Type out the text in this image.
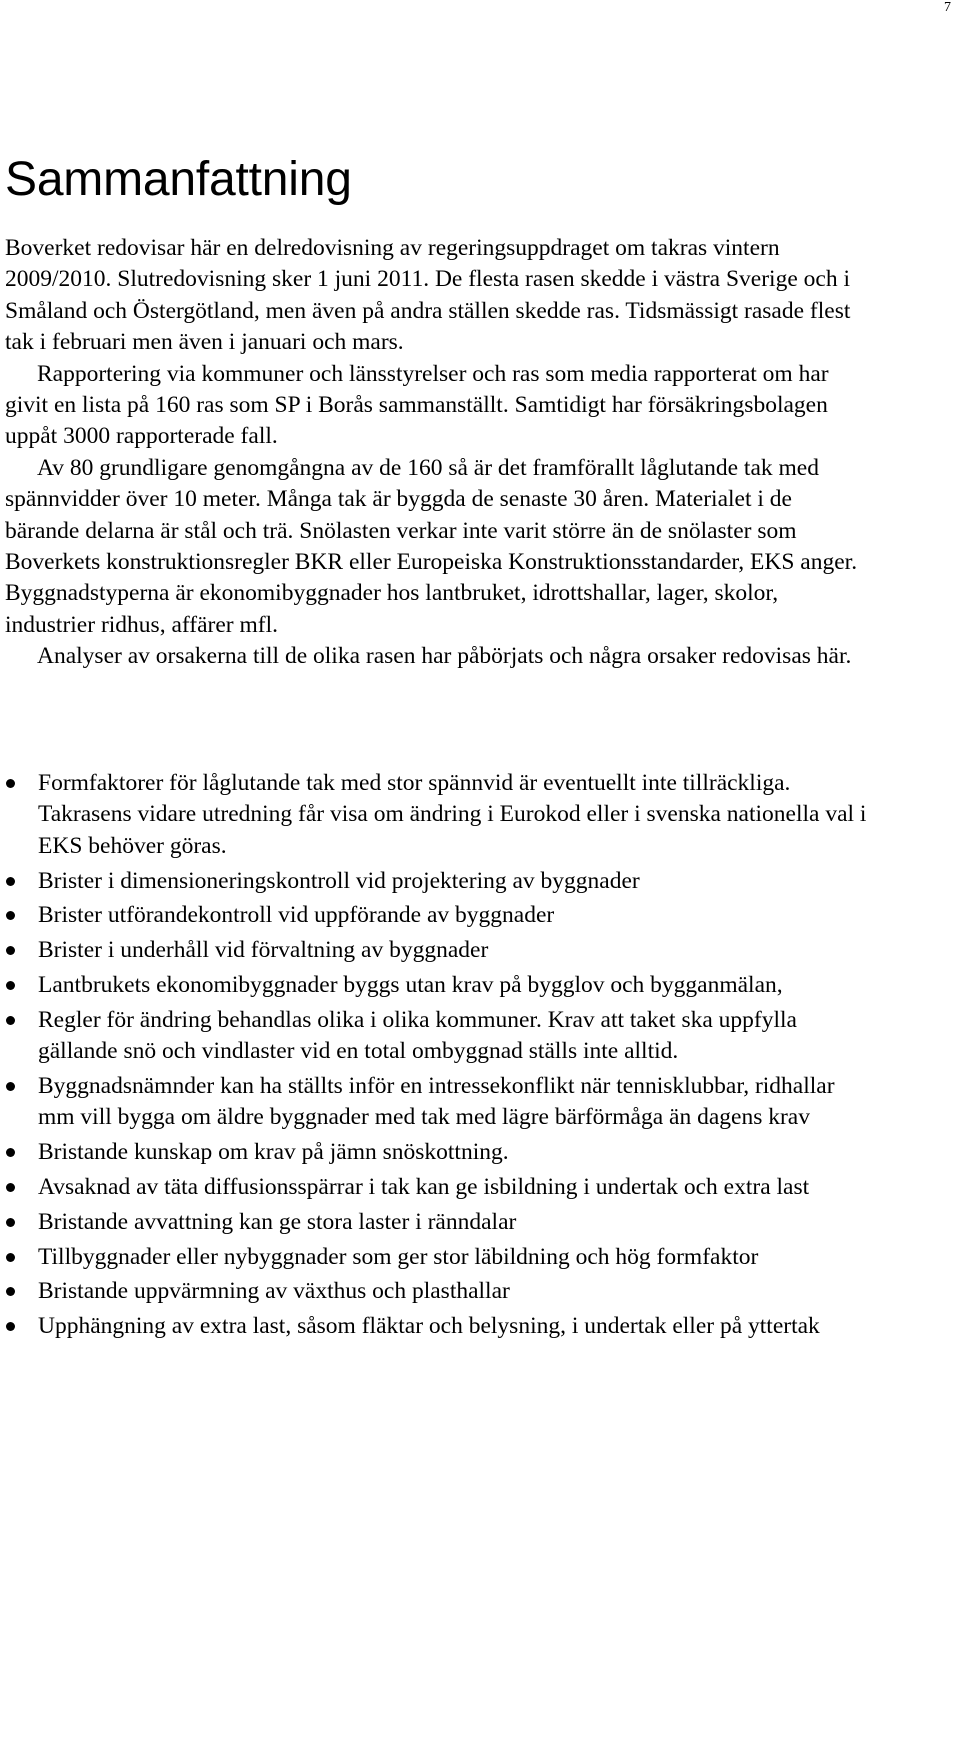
7
Sammanfattning

Boverket redovisar här en delredovisning av regeringsuppdraget om takras vintern 2009/2010. Slutredovisning sker 1 juni 2011. De flesta rasen skedde i västra Sverige och i Småland och Östergötland, men även på andra ställen skedde ras. Tidsmässigt rasade flest tak i februari men även i januari och mars.

Rapportering via kommuner och länsstyrelser och ras som media rapporterat om har givit en lista på 160 ras som SP i Borås sammanställt. Samtidigt har försäkringsbolagen uppåt 3000 rapporterade fall.

Av 80 grundligare genomgångna av de 160 så är det framförallt låglutande tak med spännvidder över 10 meter. Många tak är byggda de senaste 30 åren. Materialet i de bärande delarna är stål och trä. Snölasten verkar inte varit större än de snölaster som Boverkets konstruktionsregler BKR eller Europeiska Konstruktionsstandarder, EKS anger. Byggnadstyperna är ekonomibyggnader hos lantbruket, idrottshallar, lager, skolor, industrier ridhus, affärer mfl.

Analyser av orsakerna till de olika rasen har påbörjats och några orsaker redovisas här.

Formfaktorer för låglutande tak med stor spännvid är eventuellt inte tillräckliga. Takrasens vidare utredning får visa om ändring i Eurokod eller i svenska nationella val i EKS behöver göras.
Brister i dimensioneringskontroll vid projektering av byggnader
Brister utförandekontroll vid uppförande av byggnader
Brister i underhåll vid förvaltning av byggnader
Lantbrukets ekonomibyggnader byggs utan krav på bygglov och bygganmälan,
Regler för ändring behandlas olika i olika kommuner. Krav att taket ska uppfylla gällande snö och vindlaster vid en total ombyggnad ställs inte alltid.
Byggnadsnämnder kan ha ställts inför en intressekonflikt när tennisklubbar, ridhallar mm vill bygga om äldre byggnader med tak med lägre bärförmåga än dagens krav
Bristande kunskap om krav på jämn snöskottning.
Avsaknad av täta diffusionsspärrar i tak kan ge isbildning i undertak och extra last
Bristande avvattning kan ge stora laster i ränndalar
Tillbyggnader eller nybyggnader som ger stor läbildning och hög formfaktor
Bristande uppvärmning av växthus och plasthallar
Upphängning av extra last, såsom fläktar och belysning, i undertak eller på yttertak
